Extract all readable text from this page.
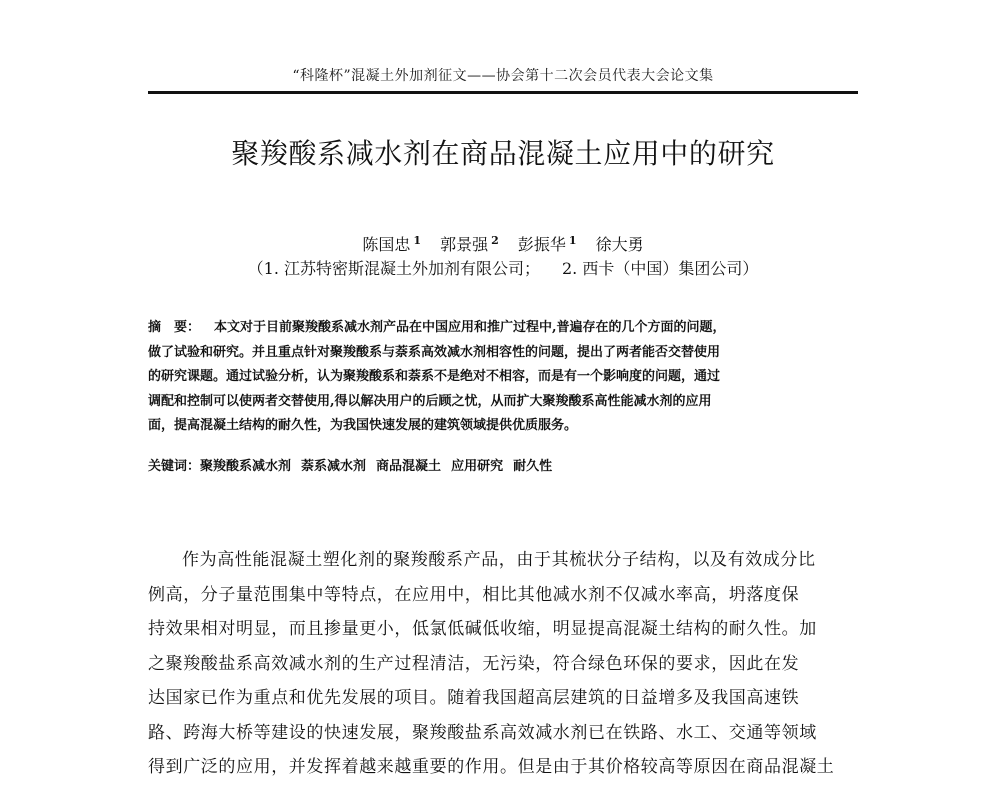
“科隆杯”混凝土外加剂征文——协会第十二次会员代表大会论文集
聚羧酸系减水剂在商品混凝土应用中的研究
陈国忠 $^1$ 郭景强 $^2$ 彭振华 $^1$ 徐大勇
（1. 江苏特密斯混凝土外加剂有限公司； 2. 西卡（中国）集团公司）
摘　要： 本文对于目前聚羧酸系减水剂产品在中国应用和推广过程中,普遍存在的几个方面的问题，
做了试验和研究。并且重点针对聚羧酸系与萘系高效减水剂相容性的问题，提出了两者能否交替使用
的研究课题。通过试验分析，认为聚羧酸系和萘系不是绝对不相容，而是有一个影响度的问题，通过
调配和控制可以使两者交替使用,得以解决用户的后顾之忧，从而扩大聚羧酸系高性能减水剂的应用
面，提高混凝土结构的耐久性，为我国快速发展的建筑领域提供优质服务。
关键词：聚羧酸系减水剂 萘系减水剂 商品混凝土 应用研究 耐久性
作为高性能混凝土塑化剂的聚羧酸系产品，由于其梳状分子结构，以及有效成分比
例高，分子量范围集中等特点，在应用中，相比其他减水剂不仅减水率高，坍落度保
持效果相对明显，而且掺量更小，低氯低碱低收缩，明显提高混凝土结构的耐久性。加
之聚羧酸盐系高效减水剂的生产过程清洁，无污染，符合绿色环保的要求，因此在发
达国家已作为重点和优先发展的项目。随着我国超高层建筑的日益增多及我国高速铁
路、跨海大桥等建设的快速发展，聚羧酸盐系高效减水剂已在铁路、水工、交通等领域
得到广泛的应用，并发挥着越来越重要的作用。但是由于其价格较高等原因在商品混凝土
